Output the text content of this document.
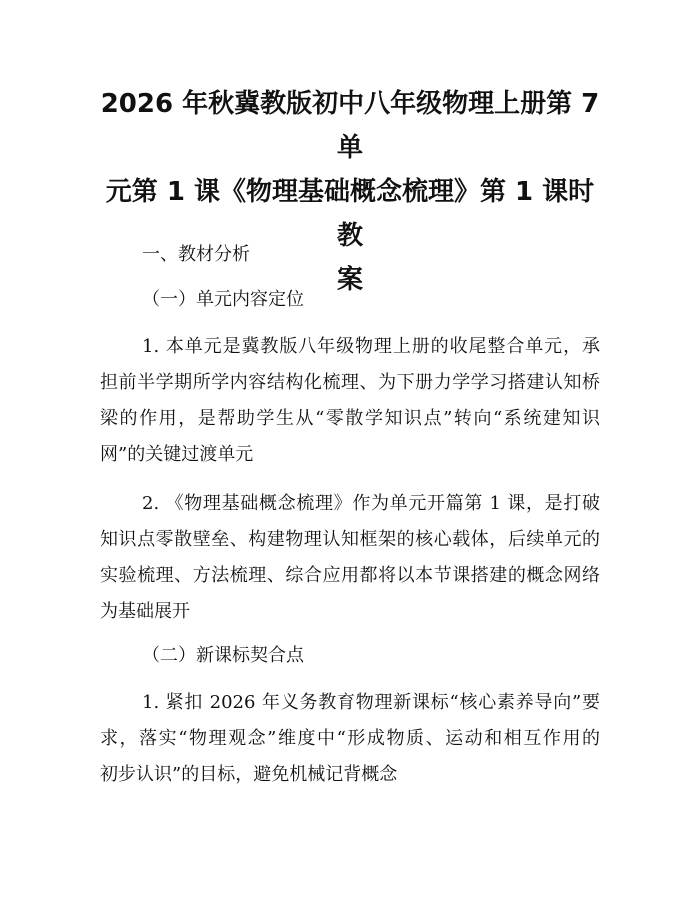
2026 年秋冀教版初中八年级物理上册第 7 单
元第 1 课《物理基础概念梳理》第 1 课时教
案
一、教材分析
（一）单元内容定位
1. 本单元是冀教版八年级物理上册的收尾整合单元，承
担前半学期所学内容结构化梳理、为下册力学学习搭建认知桥
梁的作用，是帮助学生从“零散学知识点”转向“系统建知识
网”的关键过渡单元
2. 《物理基础概念梳理》作为单元开篇第 1 课，是打破
知识点零散壁垒、构建物理认知框架的核心载体，后续单元的
实验梳理、方法梳理、综合应用都将以本节课搭建的概念网络
为基础展开
（二）新课标契合点
1. 紧扣 2026 年义务教育物理新课标“核心素养导向”要
求，落实“物理观念”维度中“形成物质、运动和相互作用的
初步认识”的目标，避免机械记背概念
